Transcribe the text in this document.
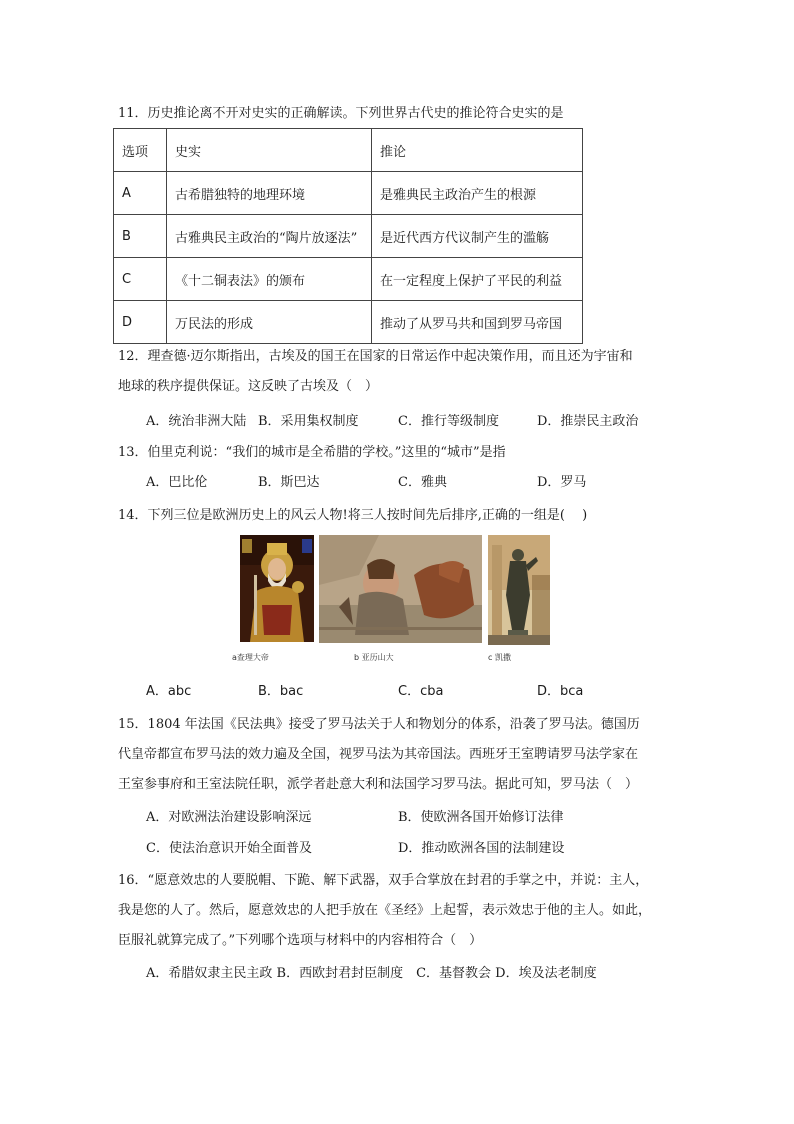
11．历史推论离不开对史实的正确解读。下列世界古代史的推论符合史实的是
选项	史实	推论
A	古希腊独特的地理环境	是雅典民主政治产生的根源
B	古雅典民主政治的“陶片放逐法”	是近代西方代议制产生的滥觞
C	《十二铜表法》的颁布	在一定程度上保护了平民的利益
D	万民法的形成	推动了从罗马共和国到罗马帝国
12．理查德·迈尔斯指出，古埃及的国王在国家的日常运作中起决策作用，而且还为宇宙和
地球的秩序提供保证。这反映了古埃及（　）
A．统治非洲大陆 B．采用集权制度	C．推行等级制度	D．推崇民主政治
13．伯里克利说：“我们的城市是全希腊的学校。”这里的“城市”是指
A．巴比伦	B．斯巴达	C．雅典	D．罗马
14．下列三位是欧洲历史上的风云人物!将三人按时间先后排序,正确的一组是(　 )
a查理大帝	b 亚历山大	c 凯撒
A．abc	B．bac	C．cba	D．bca
15．1804 年法国《民法典》接受了罗马法关于人和物划分的体系，沿袭了罗马法。德国历
代皇帝都宣布罗马法的效力遍及全国，视罗马法为其帝国法。西班牙王室聘请罗马法学家在
王室参事府和王室法院任职，派学者赴意大利和法国学习罗马法。据此可知，罗马法（　）
A．对欧洲法治建设影响深远	B．使欧洲各国开始修订法律
C．使法治意识开始全面普及	D．推动欧洲各国的法制建设
16．“愿意效忠的人要脱帽、下跪、解下武器，双手合掌放在封君的手掌之中，并说：主人，
我是您的人了。然后，愿意效忠的人把手放在《圣经》上起誓，表示效忠于他的主人。如此，
臣服礼就算完成了。”下列哪个选项与材料中的内容相符合（　）
A．希腊奴隶主民主政 B．西欧封君封臣制度　C．基督教会 D．埃及法老制度
